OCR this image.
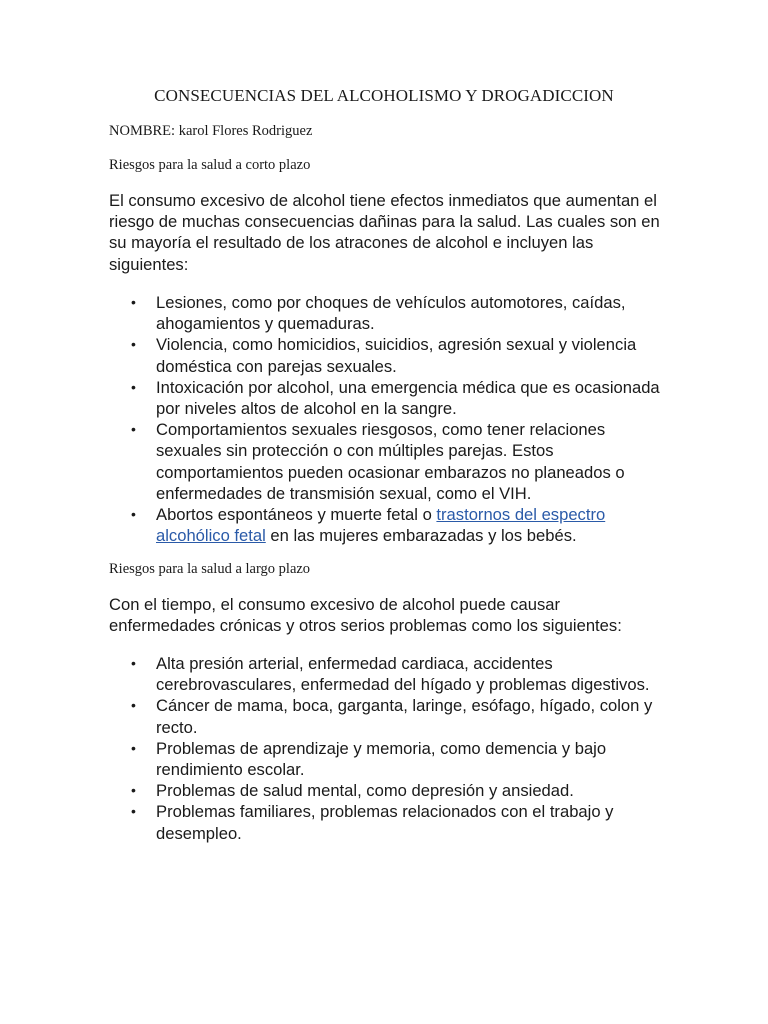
CONSECUENCIAS DEL ALCOHOLISMO Y DROGADICCION

NOMBRE: karol Flores Rodriguez

Riesgos para la salud a corto plazo

El consumo excesivo de alcohol tiene efectos inmediatos que aumentan el riesgo de muchas consecuencias dañinas para la salud. Las cuales son en su mayoría el resultado de los atracones de alcohol e incluyen las siguientes:

• Lesiones, como por choques de vehículos automotores, caídas, ahogamientos y quemaduras.
• Violencia, como homicidios, suicidios, agresión sexual y violencia doméstica con parejas sexuales.
• Intoxicación por alcohol, una emergencia médica que es ocasionada por niveles altos de alcohol en la sangre.
• Comportamientos sexuales riesgosos, como tener relaciones sexuales sin protección o con múltiples parejas. Estos comportamientos pueden ocasionar embarazos no planeados o enfermedades de transmisión sexual, como el VIH.
• Abortos espontáneos y muerte fetal o trastornos del espectro alcohólico fetal en las mujeres embarazadas y los bebés.
Riesgos para la salud a largo plazo

Con el tiempo, el consumo excesivo de alcohol puede causar enfermedades crónicas y otros serios problemas como los siguientes:

• Alta presión arterial, enfermedad cardiaca, accidentes cerebrovasculares, enfermedad del hígado y problemas digestivos.
• Cáncer de mama, boca, garganta, laringe, esófago, hígado, colon y recto.
• Problemas de aprendizaje y memoria, como demencia y bajo rendimiento escolar.
• Problemas de salud mental, como depresión y ansiedad.
• Problemas familiares, problemas relacionados con el trabajo y desempleo.
